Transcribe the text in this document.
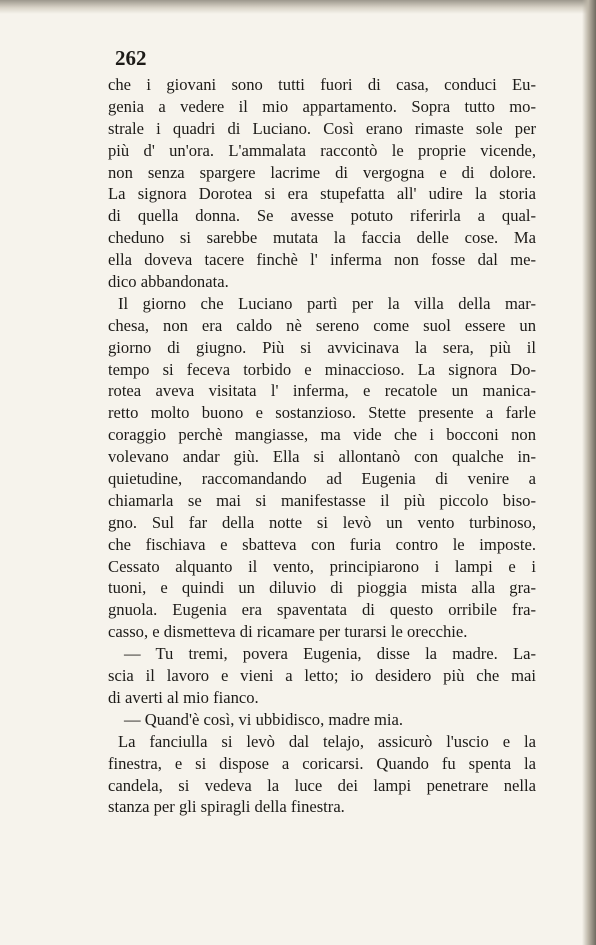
262
che i giovani sono tutti fuori di casa, conduci Eu-
genia a vedere il mio appartamento. Sopra tutto mo-
strale i quadri di Luciano. Così erano rimaste sole per
più d' un'ora. L'ammalata raccontò le proprie vicende,
non senza spargere lacrime di vergogna e di dolore.
La signora Dorotea si era stupefatta all' udire la storia
di quella donna. Se avesse potuto riferirla a qual-
cheduno si sarebbe mutata la faccia delle cose. Ma
ella doveva tacere finchè l' inferma non fosse dal me-
dico abbandonata.
Il giorno che Luciano partì per la villa della mar-
chesa, non era caldo nè sereno come suol essere un
giorno di giugno. Più si avvicinava la sera, più il
tempo si feceva torbido e minaccioso. La signora Do-
rotea aveva visitata l' inferma, e recatole un manica-
retto molto buono e sostanzioso. Stette presente a farle
coraggio perchè mangiasse, ma vide che i bocconi non
volevano andar giù. Ella si allontanò con qualche in-
quietudine, raccomandando ad Eugenia di venire a
chiamarla se mai si manifestasse il più piccolo biso-
gno. Sul far della notte si levò un vento turbinoso,
che fischiava e sbatteva con furia contro le imposte.
Cessato alquanto il vento, principiarono i lampi e i
tuoni, e quindi un diluvio di pioggia mista alla gra-
gnuola. Eugenia era spaventata di questo orribile fra-
casso, e dismetteva di ricamare per turarsi le orecchie.
— Tu tremi, povera Eugenia, disse la madre. La-
scia il lavoro e vieni a letto; io desidero più che mai
di averti al mio fianco.
— Quand'è così, vi ubbidisco, madre mia.
La fanciulla si levò dal telajo, assicurò l'uscio e la
finestra, e si dispose a coricarsi. Quando fu spenta la
candela, si vedeva la luce dei lampi penetrare nella
stanza per gli spiragli della finestra.
